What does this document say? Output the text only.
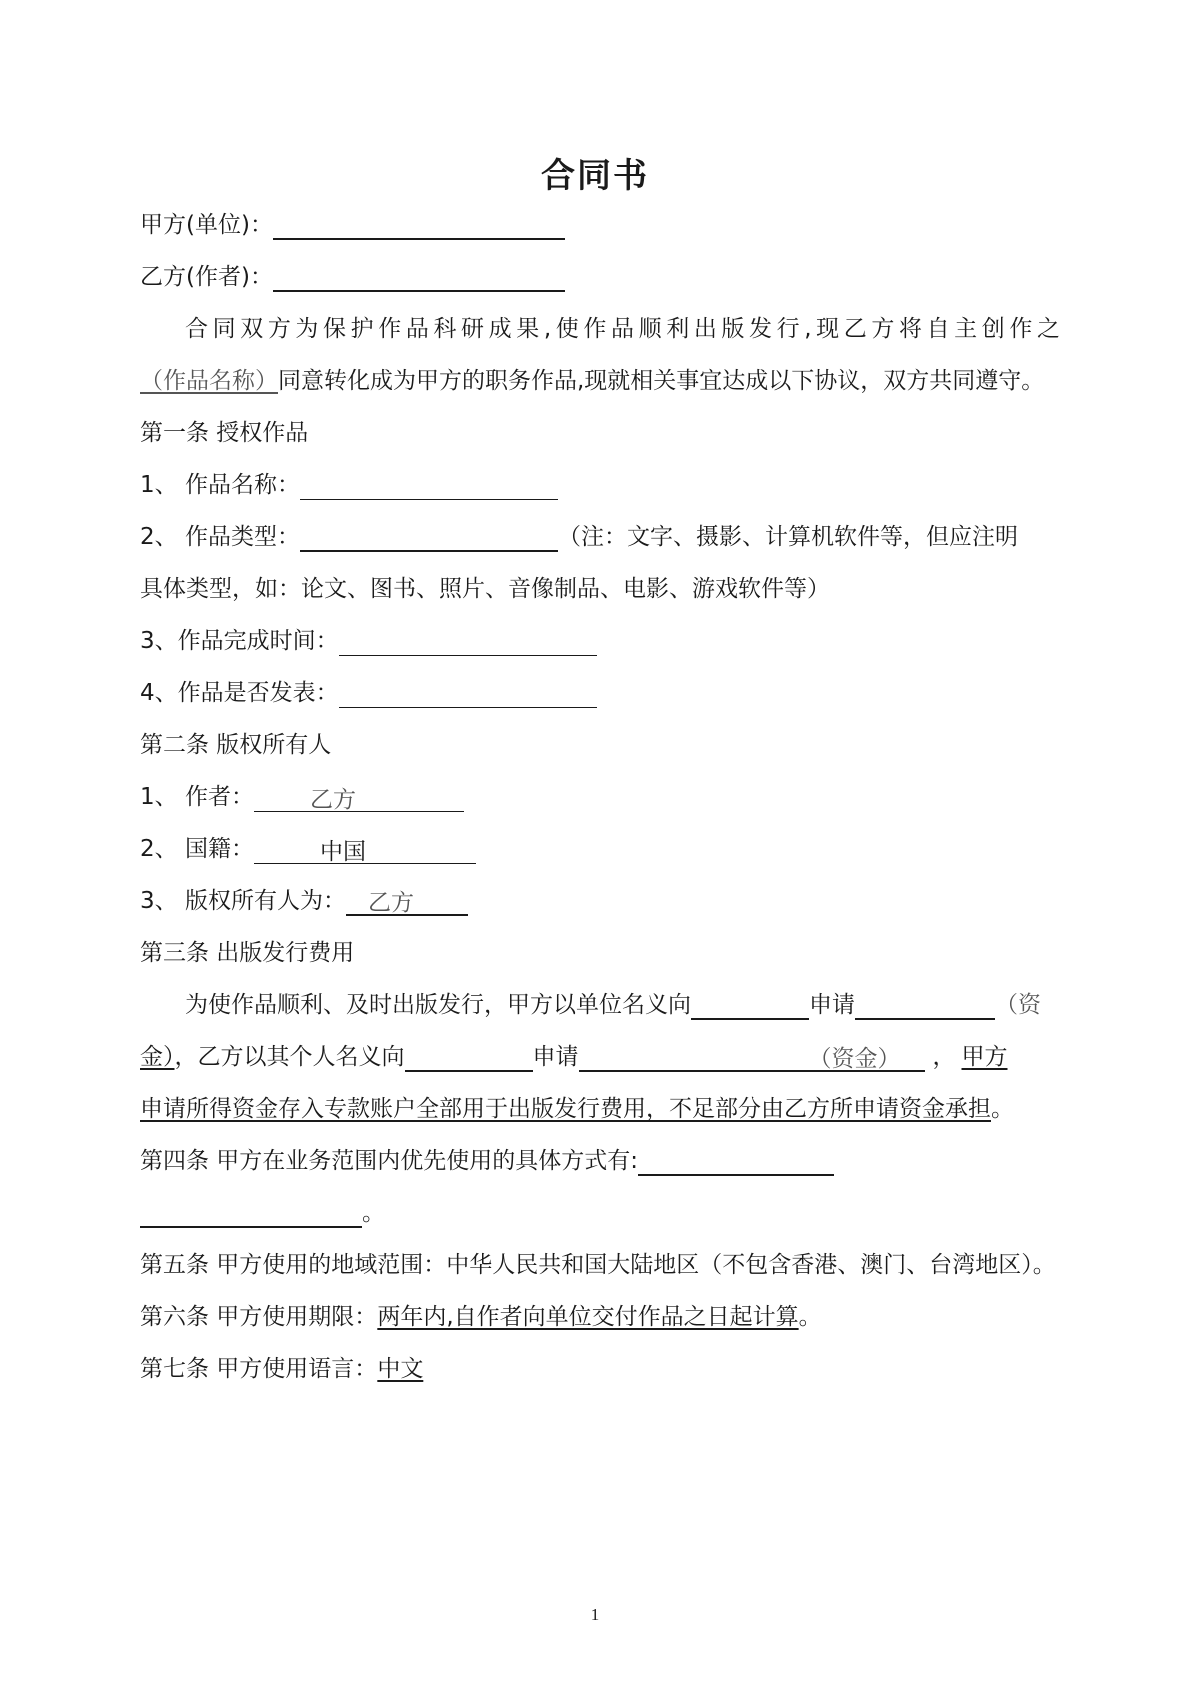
合同书
甲方(单位)：
乙方(作者)：
合同双方为保护作品科研成果,使作品顺利出版发行,现乙方将自主创作之
（作品名称）同意转化成为甲方的职务作品,现就相关事宜达成以下协议，双方共同遵守。
第一条 授权作品
1、 作品名称：
2、 作品类型：	（注：文字、摄影、计算机软件等，但应注明
具体类型，如：论文、图书、照片、音像制品、电影、游戏软件等）
3、作品完成时间：
4、作品是否发表：
第二条 版权所有人
1、 作者： 乙方
2、 国籍：	中国
3、 版权所有人为： 乙方
第三条 出版发行费用
为使作品顺利、及时出版发行，甲方以单位名义向	申请	（资
金），乙方以其个人名义向	申请	（资金） ， 甲方
申请所得资金存入专款账户全部用于出版发行费用，不足部分由乙方所申请资金承担。
第四条 甲方在业务范围内优先使用的具体方式有:
。
第五条 甲方使用的地域范围：中华人民共和国大陆地区（不包含香港、澳门、台湾地区）。
第六条 甲方使用期限：两年内,自作者向单位交付作品之日起计算。
第七条 甲方使用语言：中文
1
